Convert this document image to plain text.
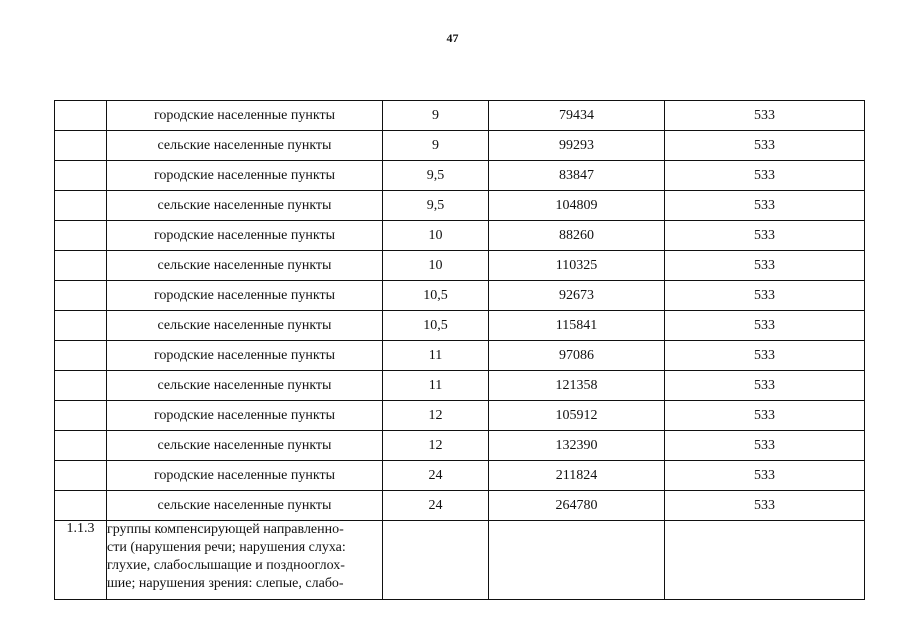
47
	городские населенные пункты	9	79434	533
	сельские населенные пункты	9	99293	533
	городские населенные пункты	9,5	83847	533
	сельские населенные пункты	9,5	104809	533
	городские населенные пункты	10	88260	533
	сельские населенные пункты	10	110325	533
	городские населенные пункты	10,5	92673	533
	сельские населенные пункты	10,5	115841	533
	городские населенные пункты	11	97086	533
	сельские населенные пункты	11	121358	533
	городские населенные пункты	12	105912	533
	сельские населенные пункты	12	132390	533
	городские населенные пункты	24	211824	533
	сельские населенные пункты	24	264780	533
1.1.3	группы компенсирующей направленно-
сти (нарушения речи; нарушения слуха:
глухие, слабослышащие и позднооглох-
шие; нарушения зрения: слепые, слабо-			
